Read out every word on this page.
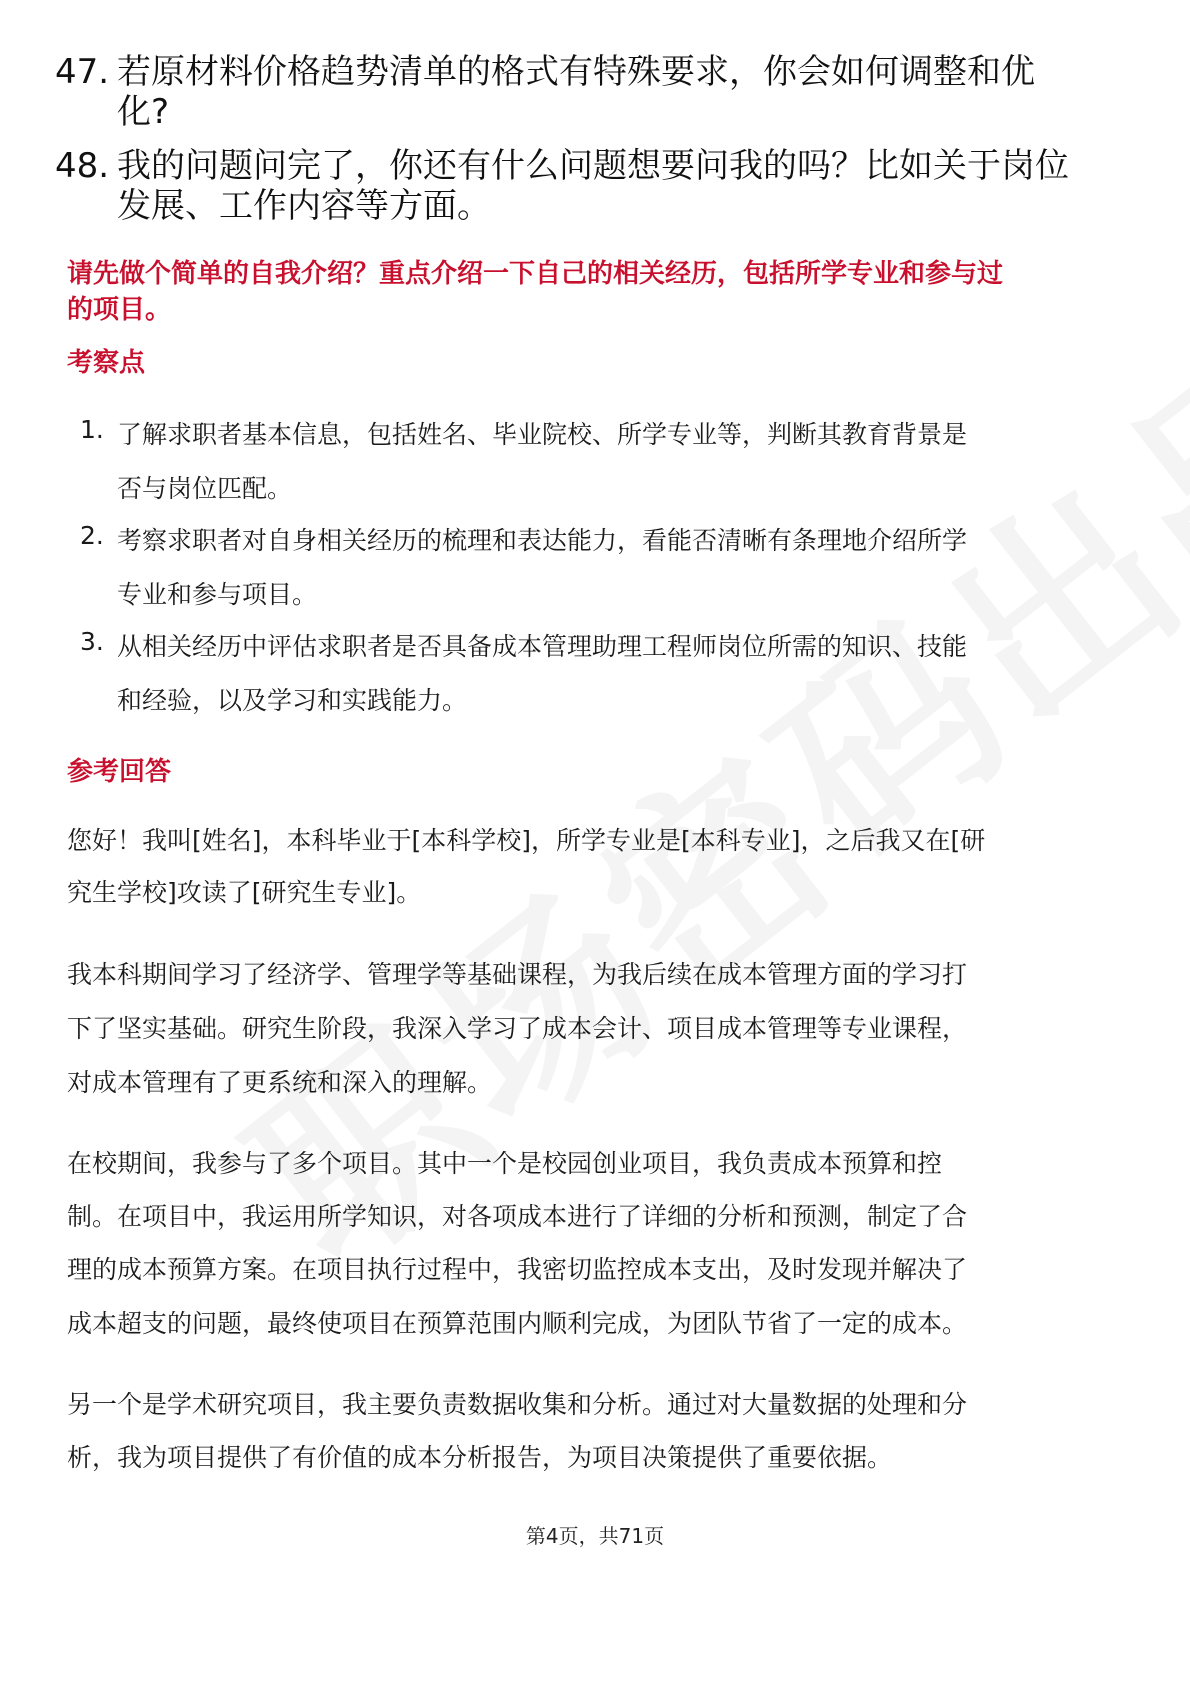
47. 若原材料价格趋势清单的格式有特殊要求，你会如何调整和优
化?
48. 我的问题问完了，你还有什么问题想要问我的吗？比如关于岗位
发展、工作内容等方面。
请先做个简单的自我介绍？重点介绍一下自己的相关经历，包括所学专业和参与过
的项目。
考察点
1. 了解求职者基本信息，包括姓名、毕业院校、所学专业等，判断其教育背景是
否与岗位匹配。
2. 考察求职者对自身相关经历的梳理和表达能力，看能否清晰有条理地介绍所学
专业和参与项目。
3. 从相关经历中评估求职者是否具备成本管理助理工程师岗位所需的知识、技能
和经验，以及学习和实践能力。
参考回答
您好！我叫[姓名]，本科毕业于[本科学校]，所学专业是[本科专业]，之后我又在[研
究生学校]攻读了[研究生专业]。
我本科期间学习了经济学、管理学等基础课程，为我后续在成本管理方面的学习打
下了坚实基础。研究生阶段，我深入学习了成本会计、项目成本管理等专业课程，
对成本管理有了更系统和深入的理解。
在校期间，我参与了多个项目。其中一个是校园创业项目，我负责成本预算和控
制。在项目中，我运用所学知识，对各项成本进行了详细的分析和预测，制定了合
理的成本预算方案。在项目执行过程中，我密切监控成本支出，及时发现并解决了
成本超支的问题，最终使项目在预算范围内顺利完成，为团队节省了一定的成本。
另一个是学术研究项目，我主要负责数据收集和分析。通过对大量数据的处理和分
析，我为项目提供了有价值的成本分析报告，为项目决策提供了重要依据。
第4页，共71页
